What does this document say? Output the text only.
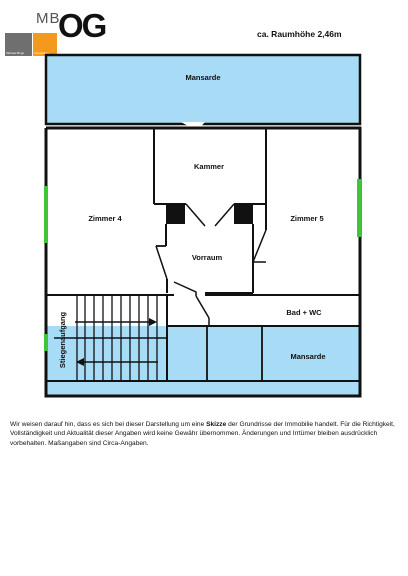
MB
OG
Michael Bopp	Immobilien
ca. Raumhöhe 2,46m
Mansarde
Kammer
Zimmer 4	Zimmer 5
Vorraum
Bad + WC
Mansarde
Stiegenaufgang
Wir weisen darauf hin, dass es sich bei dieser Darstellung um eine Skizze der Grundrisse der Immobilie handelt. Für die Richtigkeit, Vollständigkeit und Aktualität dieser Angaben wird keine Gewähr übernommen. Änderungen und Irrtümer bleiben ausdrücklich vorbehalten. Maßangaben sind Circa-Angaben.
